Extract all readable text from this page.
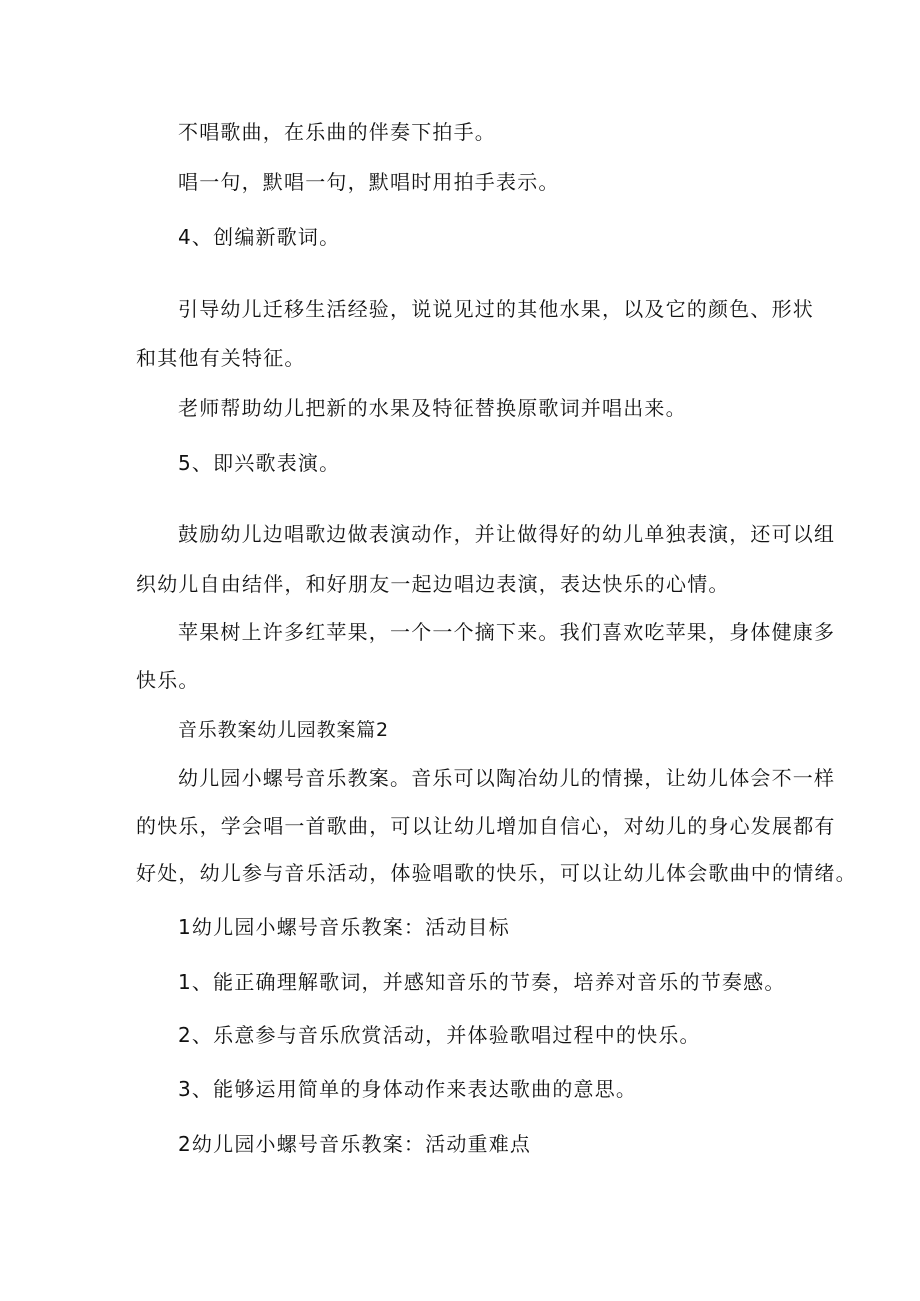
不唱歌曲，在乐曲的伴奏下拍手。
唱一句，默唱一句，默唱时用拍手表示。
4、创编新歌词。
引导幼儿迁移生活经验，说说见过的其他水果，以及它的颜色、形状
和其他有关特征。
老师帮助幼儿把新的水果及特征替换原歌词并唱出来。
5、即兴歌表演。
鼓励幼儿边唱歌边做表演动作，并让做得好的幼儿单独表演，还可以组
织幼儿自由结伴，和好朋友一起边唱边表演，表达快乐的心情。
苹果树上许多红苹果，一个一个摘下来。我们喜欢吃苹果，身体健康多
快乐。
音乐教案幼儿园教案篇2
幼儿园小螺号音乐教案。音乐可以陶冶幼儿的情操，让幼儿体会不一样
的快乐，学会唱一首歌曲，可以让幼儿增加自信心，对幼儿的身心发展都有
好处，幼儿参与音乐活动，体验唱歌的快乐，可以让幼儿体会歌曲中的情绪。
1幼儿园小螺号音乐教案：活动目标
1、能正确理解歌词，并感知音乐的节奏，培养对音乐的节奏感。
2、乐意参与音乐欣赏活动，并体验歌唱过程中的快乐。
3、能够运用简单的身体动作来表达歌曲的意思。
2幼儿园小螺号音乐教案：活动重难点
